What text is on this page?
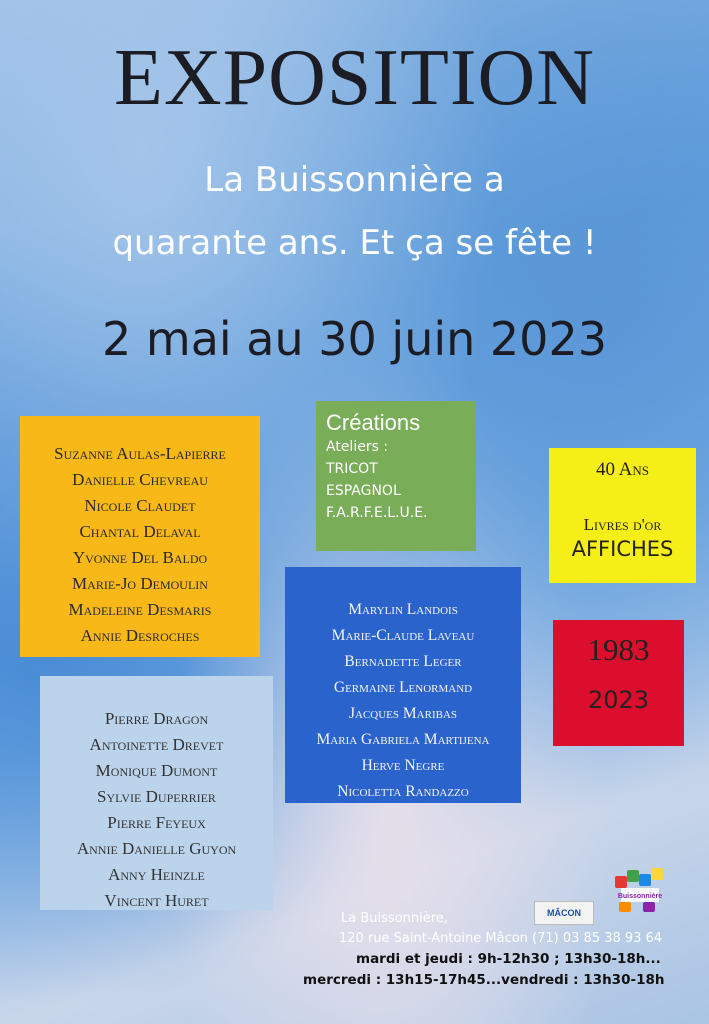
EXPOSITION
La Buissonnière a
quarante ans. Et ça se fête !
2 mai au 30 juin 2023
Suzanne Aulas-Lapierre
Danielle Chevreau
Nicole Claudet
Chantal Delaval
Yvonne Del Baldo
Marie-Jo Demoulin
Madeleine Desmaris
Annie Desroches
Pierre Dragon
Antoinette Drevet
Monique Dumont
Sylvie Duperrier
Pierre Feyeux
Annie Danielle Guyon
Anny Heinzle
Vincent Huret
Créations
Ateliers :
TRICOT
ESPAGNOL
F.A.R.F.E.L.U.E.
Marylin Landois
Marie-Claude Laveau
Bernadette Leger
Germaine Lenormand
Jacques Maribas
Maria Gabriela Martijena
Herve Negre
Nicoletta Randazzo
40 Ans
Livres d'or
AFFICHES
1983
2023
La Buissonnière,
120 rue Saint-Antoine Mâcon (71) 03 85 38 93 64
mardi et jeudi : 9h-12h30 ; 13h30-18h...
mercredi : 13h15-17h45...vendredi : 13h30-18h
MÂCON
Buissonnière
